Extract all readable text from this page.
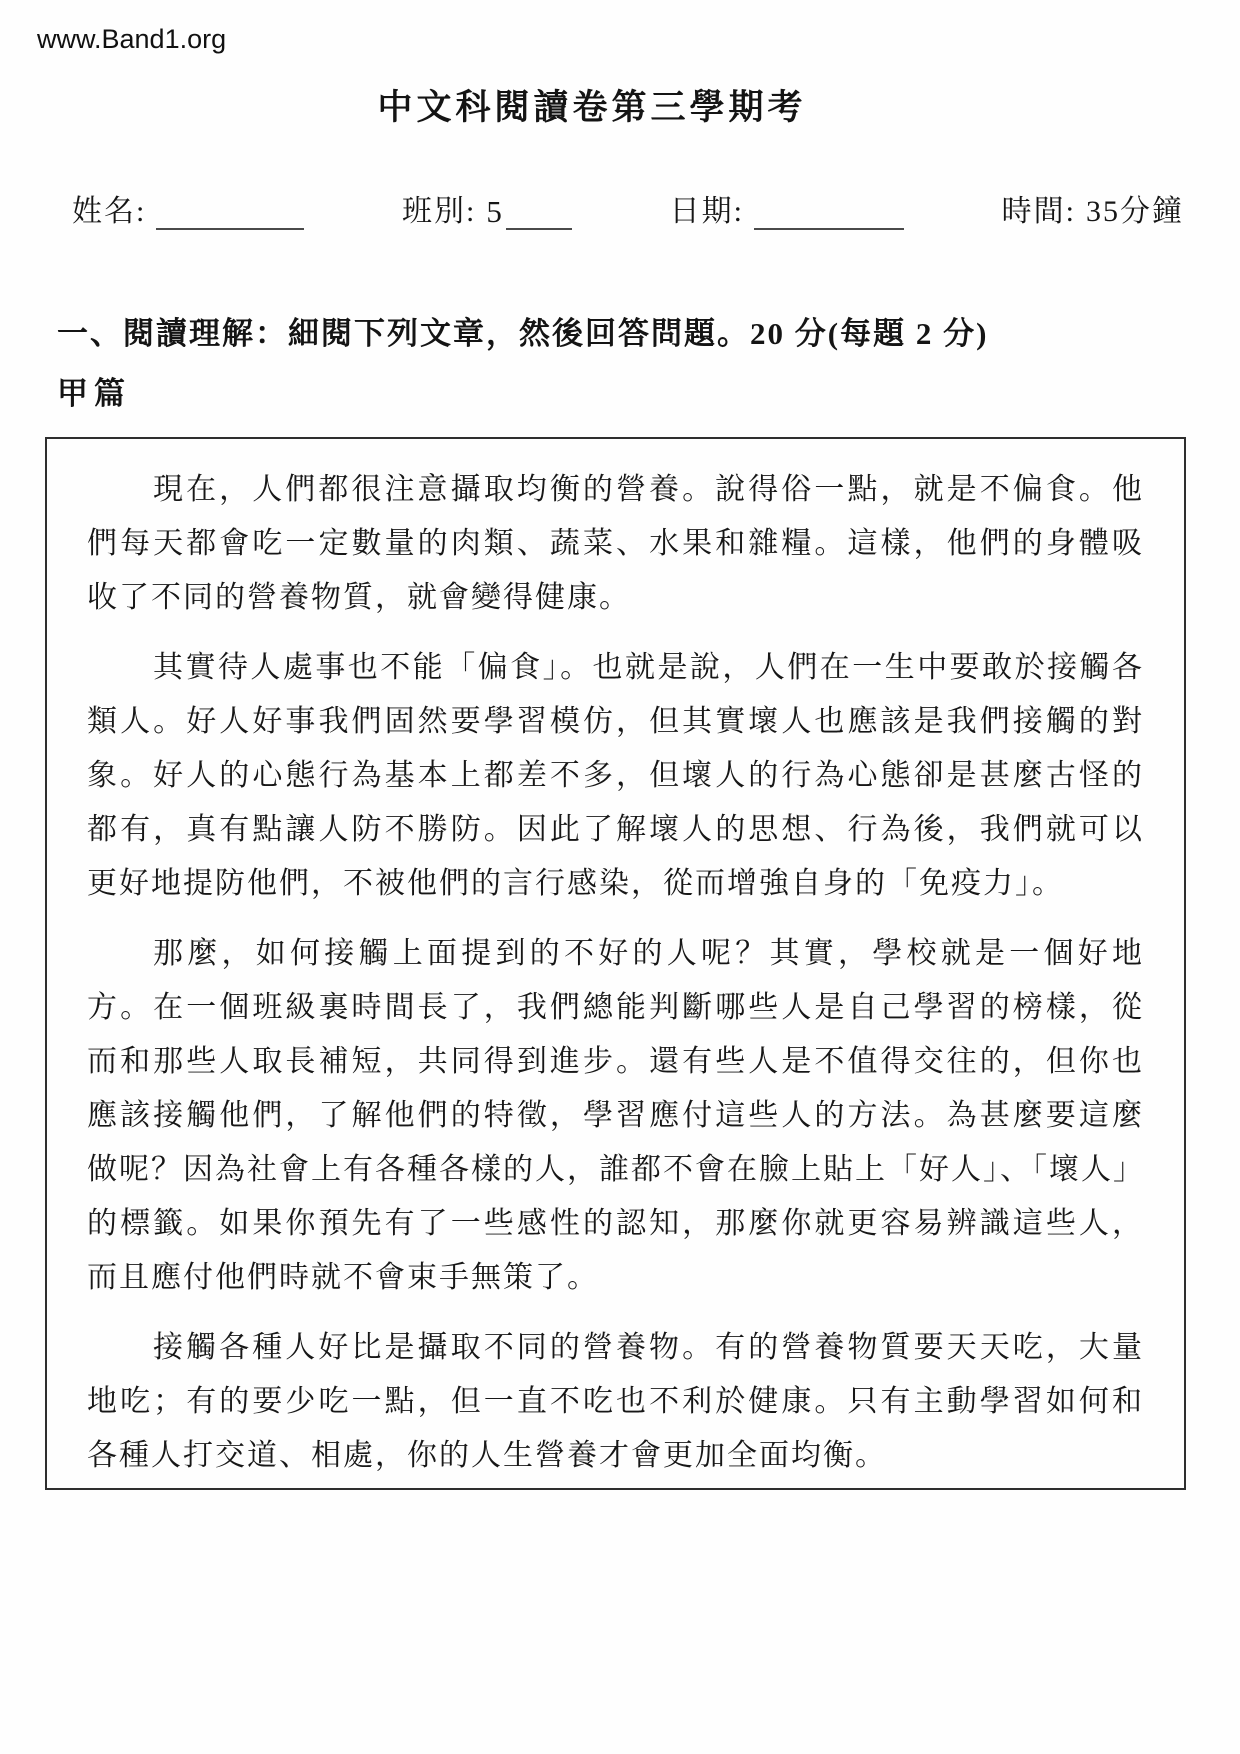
www.Band1.org
中文科閱讀卷第三學期考
姓名:	班別: 5	日期:	時間: 35分鐘
一、閱讀理解：細閱下列文章，然後回答問題。20 分(每題 2 分)
甲篇
現在，人們都很注意攝取均衡的營養。說得俗一點，就是不偏食。他
們每天都會吃一定數量的肉類、蔬菜、水果和雜糧。這樣，他們的身體吸
收了不同的營養物質，就會變得健康。
其實待人處事也不能「偏食」。也就是說，人們在一生中要敢於接觸各
類人。好人好事我們固然要學習模仿，但其實壞人也應該是我們接觸的對
象。好人的心態行為基本上都差不多，但壞人的行為心態卻是甚麼古怪的
都有，真有點讓人防不勝防。因此了解壞人的思想、行為後，我們就可以
更好地提防他們，不被他們的言行感染，從而增強自身的「免疫力」。
那麼，如何接觸上面提到的不好的人呢？其實，學校就是一個好地
方。在一個班級裏時間長了，我們總能判斷哪些人是自己學習的榜樣，從
而和那些人取長補短，共同得到進步。還有些人是不值得交往的，但你也
應該接觸他們，了解他們的特徵，學習應付這些人的方法。為甚麼要這麼
做呢？因為社會上有各種各樣的人，誰都不會在臉上貼上「好人」、「壞人」
的標籤。如果你預先有了一些感性的認知，那麼你就更容易辨識這些人，
而且應付他們時就不會束手無策了。
接觸各種人好比是攝取不同的營養物。有的營養物質要天天吃，大量
地吃；有的要少吃一點，但一直不吃也不利於健康。只有主動學習如何和
各種人打交道、相處，你的人生營養才會更加全面均衡。
